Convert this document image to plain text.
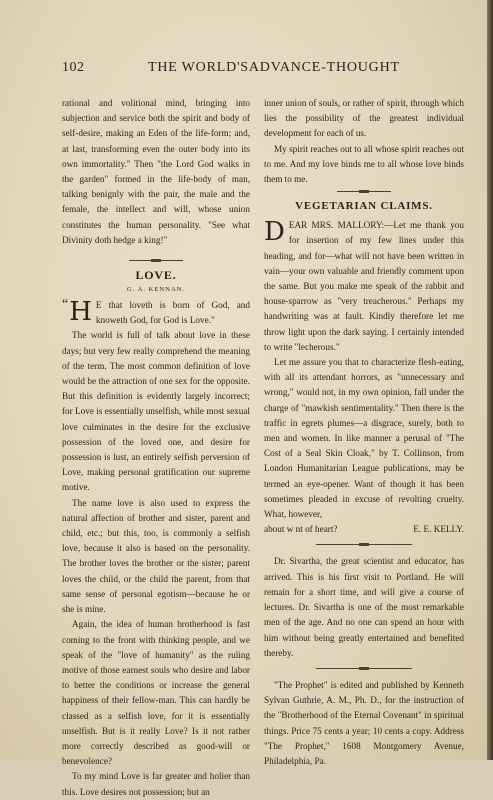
102	THE WORLD'SADVANCE-THOUGHT

rational and volitional mind, bringing into subjection and service both the spirit and body of self-desire, making an Eden of the life-form; and, at last, transforming even the outer body into its own immortality." Then "the Lord God walks in the garden" formed in the life-body of man, talking benignly with the pair, the male and the female, the intellect and will, whose union constitutes the human personality. "See what Divinity doth hedge a king!"

LOVE.
G. A. KENNAN.

“ H E that loveth is born of God, and knoweth God, for God is Love."

The world is full of talk about love in these days; but very few really comprehend the meaning of the term. The most common definition of love would be the attraction of one sex for the opposite. But this definition is evidently largely incorrect; for Love is essentially unselfish, while most sexual love culminates in the desire for the exclusive possession of the loved one, and desire for possession is lust, an entirely selfish perversion of Love, making personal gratification our supreme motive.

The name love is also used to express the natural affection of brother and sister, parent and child, etc.; but this, too, is commonly a selfish love, because it also is based on the personality. The brother loves the brother or the sister; parent loves the child, or the child the parent, from that same sense of personal egotism—because he or she is mine.

Again, the idea of human brotherhood is fast coming to the front with thinking people, and we speak of the "love of humanity" as the ruling motive of those earnest souls who desire and labor to better the conditions or increase the general happiness of their fellow-man. This can hardly be classed as a selfish love, for it is essentially unselfish. But is it really Love? Is it not rather more correctly described as good-will or benevolence?

To my mind Love is far greater and holier than this. Love desires not possession; but an

inner union of souls, or rather of spirit, through which lies the possibility of the greatest individual development for each of us.

My spirit reaches out to all whose spirit reaches out to me. And my love binds me to all whose love binds them to me.

VEGETARIAN CLAIMS.

DEAR MRS. MALLORY:—Let me thank you for insertion of my few lines under this heading, and for—what will not have been written in vain—your own valuable and friendly comment upon the same. But you make me speak of the rabbit and house-sparrow as "very treacherous." Perhaps my handwriting was at fault. Kindly therefore let me throw light upon the dark saying. I certainly intended to write "lecherous."

Let me assure you that to characterize flesh-eating, with all its attendant horrors, as "unnecessary and wrong," would not, in my own opinion, fall under the charge of "mawkish sentimentality." Then there is the traffic in egrets plumes—a disgrace, surely, both to men and women. In like manner a perusal of "The Cost of a Seal Skin Cloak," by T. Collinson, from London Humanitarian League publications, may be termed an eye-opener. Want of though it has been sometimes pleaded in excuse of revolting cruelty. What, however,

about w nt of heart?	E. E. KELLY.

Dr. Sivartha, the great scientist and educator, has arrived. This is his first visit to Portland. He will remain for a short time, and will give a course of lectures. Dr. Sivartha is one of the most remarkable men of the age. And no one can spend an hour with him without being greatly entertained and benefited thereby.

"The Prophet" is edited and published by Kenneth Sylvan Guthrie, A. M., Ph. D., for the instruction of the "Brotherhood of the Eternal Covenant" in spiritual things. Price 75 cents a year; 10 cents a copy. Address "The Prophet," 1608 Montgomery Avenue, Philadelphia, Pa.
